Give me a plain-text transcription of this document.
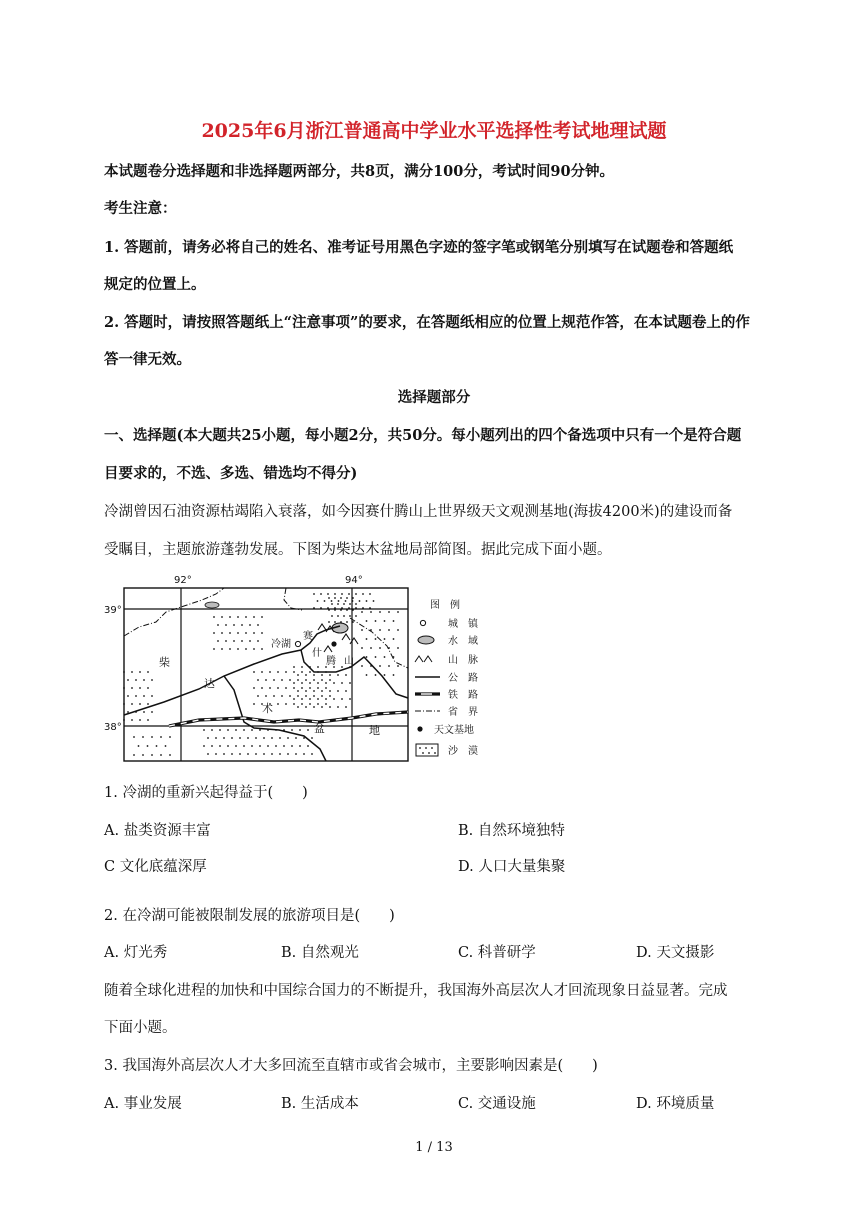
2025年6月浙江普通高中学业水平选择性考试地理试题
本试题卷分选择题和非选择题两部分，共8页，满分100分，考试时间90分钟。
考生注意：
1. 答题前，请务必将自己的姓名、准考证号用黑色字迹的签字笔或钢笔分别填写在试题卷和答题纸
规定的位置上。
2. 答题时，请按照答题纸上“注意事项”的要求，在答题纸相应的位置上规范作答，在本试题卷上的作
答一律无效。
选择题部分
一、选择题(本大题共25小题，每小题2分，共50分。每小题列出的四个备选项中只有一个是符合题
目要求的，不选、多选、错选均不得分)
冷湖曾因石油资源枯竭陷入衰落，如今因赛什腾山上世界级天文观测基地(海拔4200米)的建设而备
受瞩目，主题旅游蓬勃发展。下图为柴达木盆地局部简图。据此完成下面小题。
92°	94°
39°
38°
冷湖
赛
什
腾 山
柴
达
木
盆	地
图　例
城　镇
水　域
山　脉
公　路
铁　路
省　界
天文基地
沙　漠
1. 冷湖的重新兴起得益于(　　)
A. 盐类资源丰富	B. 自然环境独特
C 文化底蕴深厚	D. 人口大量集聚
2. 在冷湖可能被限制发展的旅游项目是(　　)
A. 灯光秀	B. 自然观光	C. 科普研学	D. 天文摄影
随着全球化进程的加快和中国综合国力的不断提升，我国海外高层次人才回流现象日益显著。完成
下面小题。
3. 我国海外高层次人才大多回流至直辖市或省会城市，主要影响因素是(　　)
A. 事业发展	B. 生活成本	C. 交通设施	D. 环境质量
1 / 13
